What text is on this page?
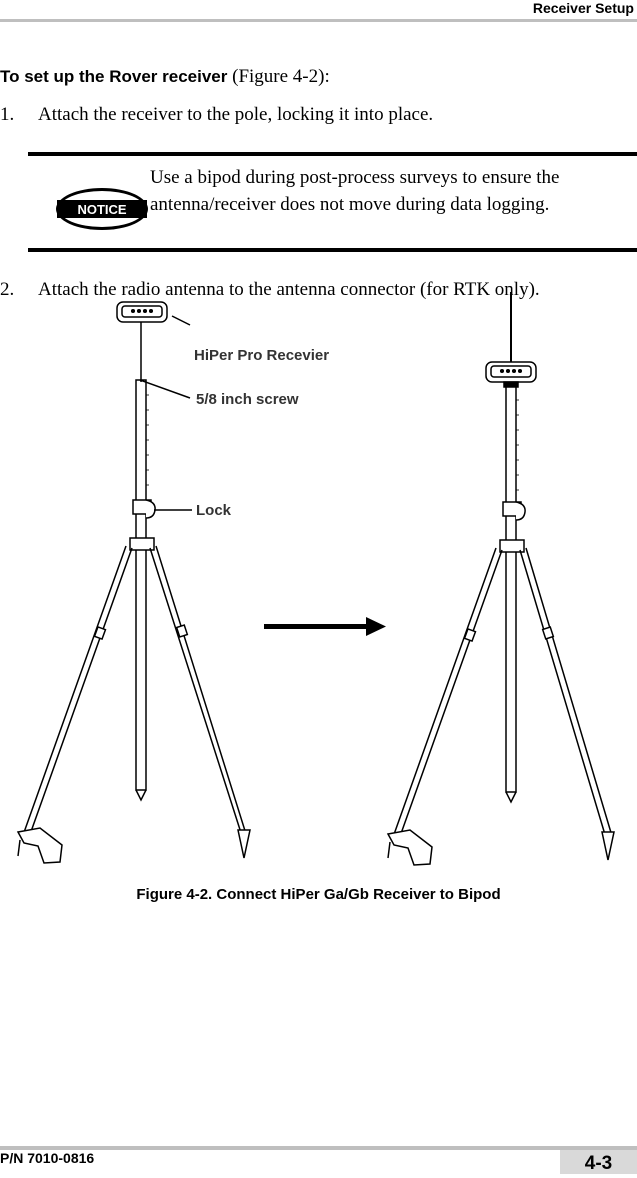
Receiver Setup
To set up the Rover receiver (Figure 4-2):
1. Attach the receiver to the pole, locking it into place.
NOTICE
Use a bipod during post-process surveys to ensure the antenna/receiver does not move during data logging.
2. Attach the radio antenna to the antenna connector (for RTK only).
HiPer Pro Recevier
5/8 inch screw
Lock
Figure 4-2. Connect HiPer Ga/Gb Receiver to Bipod
P/N 7010-0816	4-3
